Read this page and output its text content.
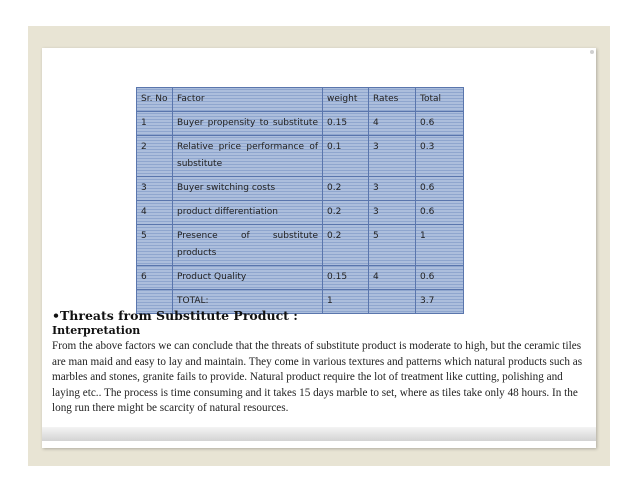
Sr. No	Factor	weight	Rates	Total
1	Buyer propensity to substitute	0.15	4	0.6
2	Relative price performance of substitute	0.1	3	0.3
3	Buyer switching costs	0.2	3	0.6
4	product differentiation	0.2	3	0.6
5	Presence of substitute products	0.2	5	1
6	Product Quality	0.15	4	0.6
	TOTAL:	1		3.7
•Threats from Substitute Product :
Interpretation

From the above factors we can conclude that the threats of substitute product is moderate to high, but the ceramic tiles are man maid and easy to lay and maintain. They come in various textures and patterns which natural products such as marbles and stones, granite fails to provide. Natural product require the lot of treatment like cutting, polishing and laying etc.. The process is time consuming and it takes 15 days marble to set, where as tiles take only 48 hours. In the long run there might be scarcity of natural resources.
